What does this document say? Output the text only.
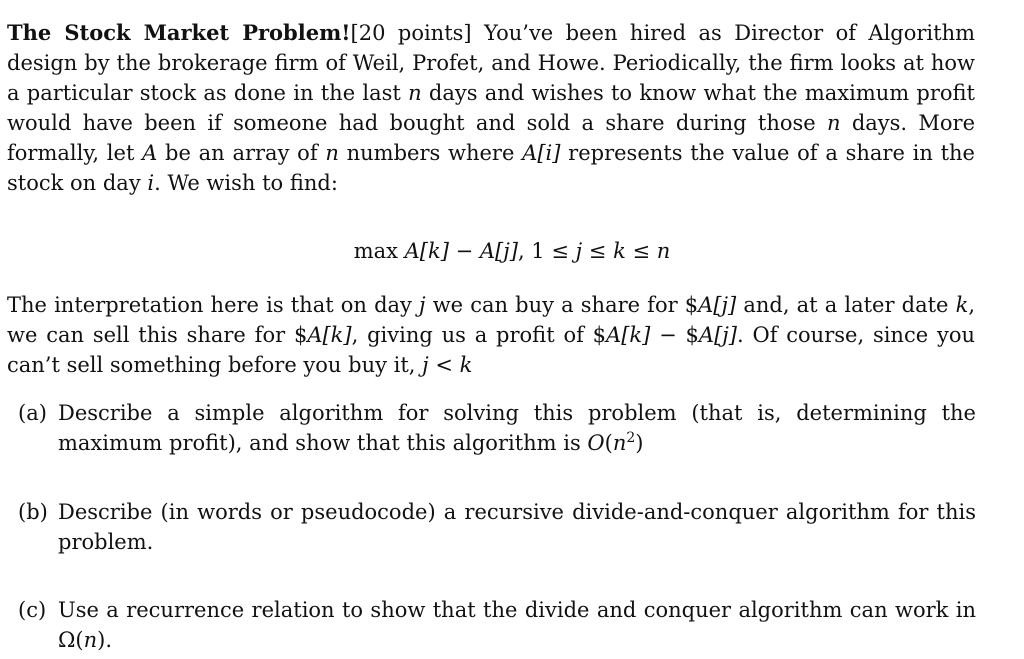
The Stock Market Problem![20 points] You’ve been hired as Director of Algorithm design by the brokerage firm of Weil, Profet, and Howe. Periodically, the firm looks at how a particular stock as done in the last n days and wishes to know what the maximum profit would have been if someone had bought and sold a share during those n days. More formally, let A be an array of n numbers where A[i] represents the value of a share in the stock on day i. We wish to find:
max A[k] − A[j], 1 ≤ j ≤ k ≤ n
The interpretation here is that on day j we can buy a share for $A[j] and, at a later date k, we can sell this share for $A[k], giving us a profit of $A[k] − $A[j]. Of course, since you can’t sell something before you buy it, j < k
(a) Describe a simple algorithm for solving this problem (that is, determining the maximum profit), and show that this algorithm is $O(n^2)$
(b) Describe (in words or pseudocode) a recursive divide-and-conquer algorithm for this problem.
(c) Use a recurrence relation to show that the divide and conquer algorithm can work in Ω(n).
